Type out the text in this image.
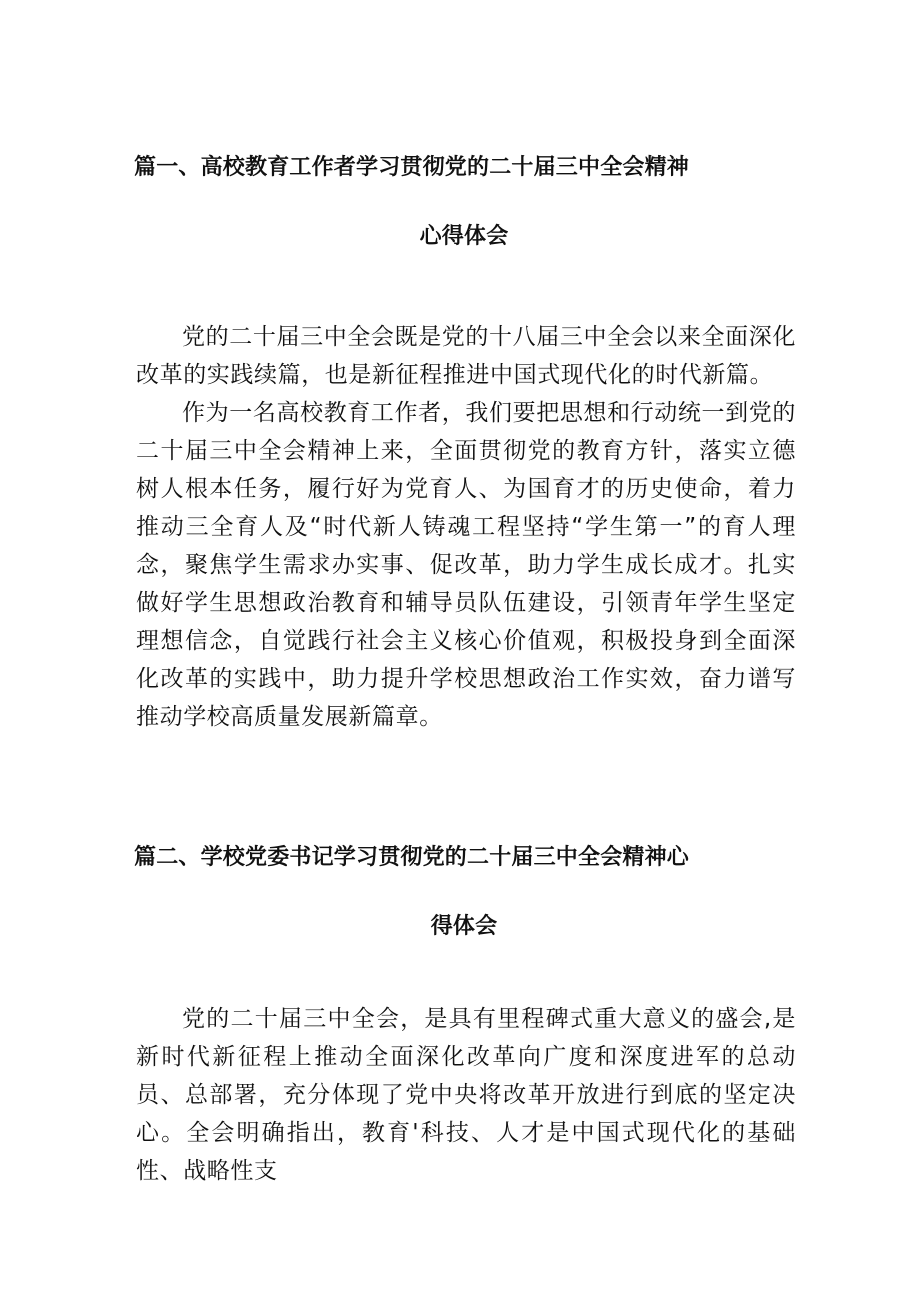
篇一、高校教育工作者学习贯彻党的二十届三中全会精神

心得体会

党的二十届三中全会既是党的十八届三中全会以来全面深化改革的实践续篇，也是新征程推进中国式现代化的时代新篇。

作为一名高校教育工作者，我们要把思想和行动统一到党的二十届三中全会精神上来，全面贯彻党的教育方针，落实立德树人根本任务，履行好为党育人、为国育才的历史使命，着力推动三全育人及“时代新人铸魂工程坚持“学生第一”的育人理念，聚焦学生需求办实事、促改革，助力学生成长成才。扎实做好学生思想政治教育和辅导员队伍建设，引领青年学生坚定理想信念，自觉践行社会主义核心价值观，积极投身到全面深化改革的实践中，助力提升学校思想政治工作实效，奋力谱写推动学校高质量发展新篇章。

篇二、学校党委书记学习贯彻党的二十届三中全会精神心

得体会

党的二十届三中全会，是具有里程碑式重大意义的盛会,是新时代新征程上推动全面深化改革向广度和深度进军的总动员、总部署，充分体现了党中央将改革开放进行到底的坚定决心。全会明确指出，教育'科技、人才是中国式现代化的基础性、战略性支
